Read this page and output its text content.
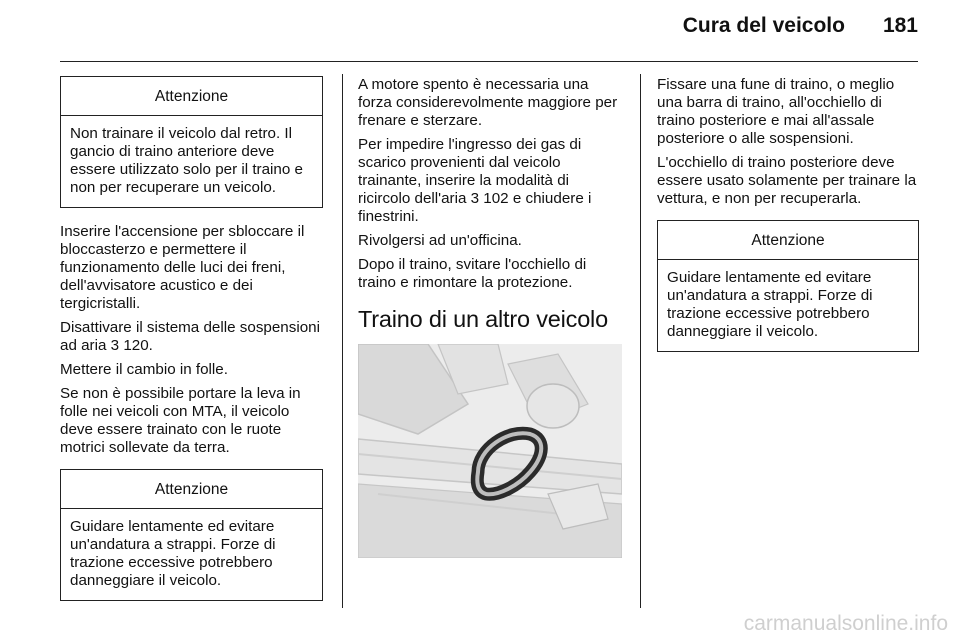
Cura del veicolo 181
Attenzione
Non trainare il veicolo dal retro. Il gancio di traino anteriore deve essere utilizzato solo per il traino e non per recuperare un veicolo.

Inserire l'accensione per sbloccare il bloccasterzo e permettere il funzionamento delle luci dei freni, dell'avvisatore acustico e dei tergicristalli.

Disattivare il sistema delle sospensioni ad aria 3 120.

Mettere il cambio in folle.

Se non è possibile portare la leva in folle nei veicoli con MTA, il veicolo deve essere trainato con le ruote motrici sollevate da terra.

Attenzione
Guidare lentamente ed evitare un'andatura a strappi. Forze di trazione eccessive potrebbero danneggiare il veicolo.

A motore spento è necessaria una forza considerevolmente maggiore per frenare e sterzare.

Per impedire l'ingresso dei gas di scarico provenienti dal veicolo trainante, inserire la modalità di ricircolo dell'aria 3 102 e chiudere i finestrini.

Rivolgersi ad un'officina.

Dopo il traino, svitare l'occhiello di traino e rimontare la protezione.

Traino di un altro veicolo

Fissare una fune di traino, o meglio una barra di traino, all'occhiello di traino posteriore e mai all'assale posteriore o alle sospensioni.

L'occhiello di traino posteriore deve essere usato solamente per trainare la vettura, e non per recuperarla.

Attenzione
Guidare lentamente ed evitare un'andatura a strappi. Forze di trazione eccessive potrebbero danneggiare il veicolo.
carmanualsonline.info
